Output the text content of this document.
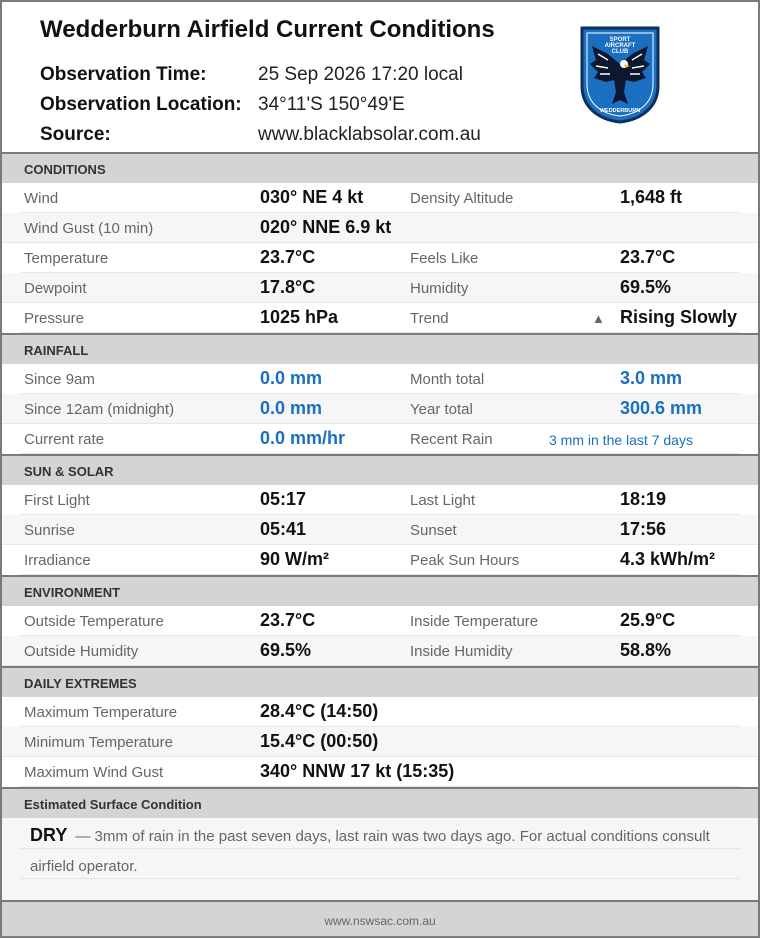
Wedderburn Airfield Current Conditions
Observation Time:	25 Sep 2026 17:20 local
Observation Location: 34°11'S 150°49'E
Source:	www.blacklabsolar.com.au
SPORT
AIRCRAFT
CLUB
WEDDERBURN
CONDITIONS
Wind	030° NE 4 kt	Density Altitude	1,648 ft
Wind Gust (10 min)	020° NNE 6.9 kt
Temperature	23.7°C	Feels Like	23.7°C
Dewpoint	17.8°C	Humidity	69.5%
Pressure	1025 hPa	Trend	▲ Rising Slowly
RAINFALL
Since 9am	0.0 mm	Month total	3.0 mm
Since 12am (midnight)	0.0 mm	Year total	300.6 mm
Current rate	0.0 mm/hr	Recent Rain	3 mm in the last 7 days
SUN & SOLAR
First Light	05:17	Last Light	18:19
Sunrise	05:41	Sunset	17:56
Irradiance	90 W/m²	Peak Sun Hours	4.3 kWh/m²
ENVIRONMENT
Outside Temperature	23.7°C	Inside Temperature	25.9°C
Outside Humidity	69.5%	Inside Humidity	58.8%
DAILY EXTREMES
Maximum Temperature	28.4°C (14:50)
Minimum Temperature	15.4°C (00:50)
Maximum Wind Gust	340° NNW 17 kt (15:35)
Estimated Surface Condition
DRY — 3mm of rain in the past seven days, last rain was two days ago. For actual conditions consult airfield operator.
www.nswsac.com.au
